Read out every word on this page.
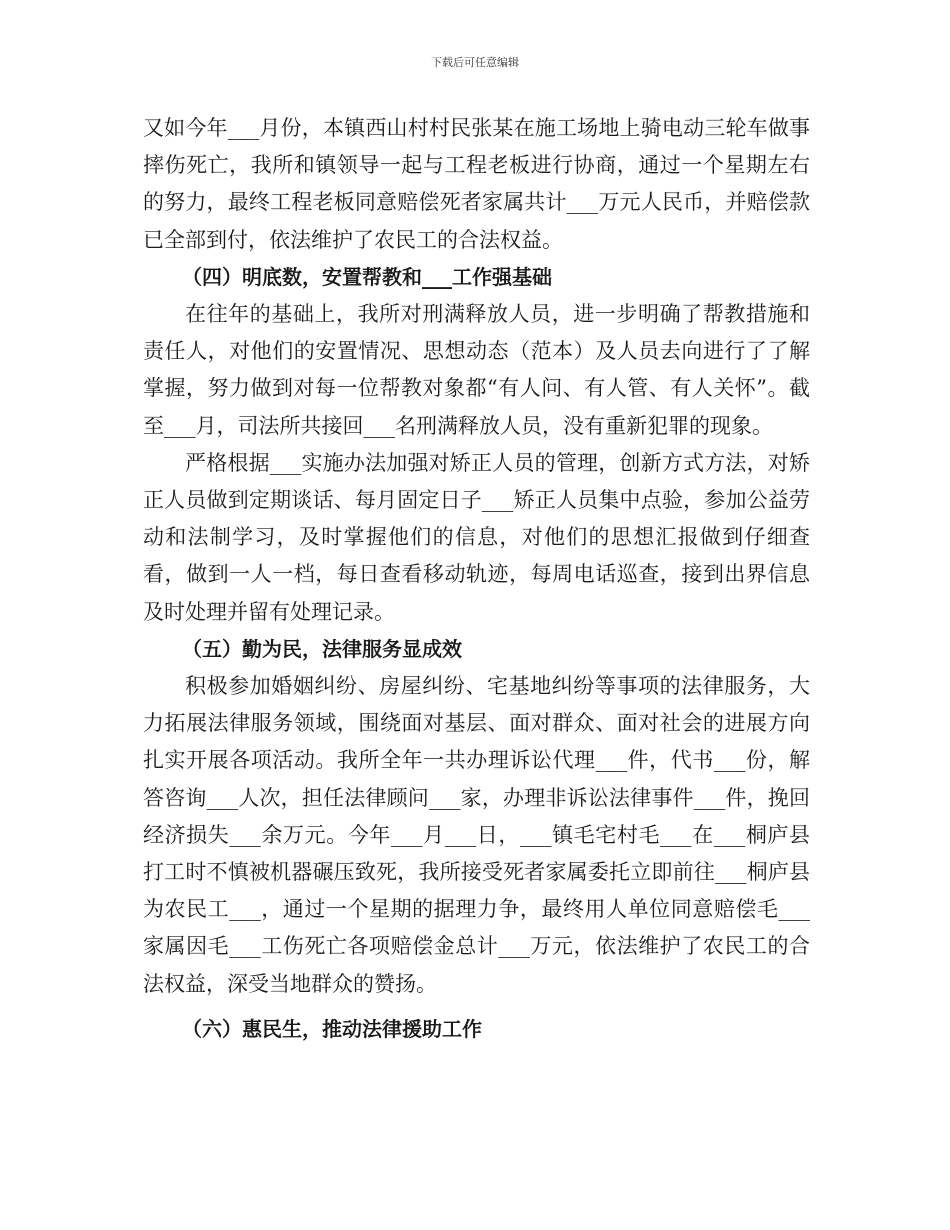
下载后可任意编辑

又如今年___月份，本镇西山村村民张某在施工场地上骑电动三轮车做事摔伤死亡，我所和镇领导一起与工程老板进行协商，通过一个星期左右的努力，最终工程老板同意赔偿死者家属共计___万元人民币，并赔偿款已全部到付，依法维护了农民工的合法权益。

（四）明底数，安置帮教和___工作强基础

在往年的基础上，我所对刑满释放人员，进一步明确了帮教措施和责任人，对他们的安置情况、思想动态（范本）及人员去向进行了了解掌握，努力做到对每一位帮教对象都“有人问、有人管、有人关怀”。截至___月，司法所共接回___名刑满释放人员，没有重新犯罪的现象。

严格根据___实施办法加强对矫正人员的管理，创新方式方法，对矫正人员做到定期谈话、每月固定日子___矫正人员集中点验，参加公益劳动和法制学习，及时掌握他们的信息，对他们的思想汇报做到仔细查看，做到一人一档，每日查看移动轨迹，每周电话巡查，接到出界信息及时处理并留有处理记录。

（五）勤为民，法律服务显成效

积极参加婚姻纠纷、房屋纠纷、宅基地纠纷等事项的法律服务，大力拓展法律服务领域，围绕面对基层、面对群众、面对社会的进展方向扎实开展各项活动。我所全年一共办理诉讼代理___件，代书___份，解答咨询___人次，担任法律顾问___家，办理非诉讼法律事件___件，挽回经济损失___余万元。今年___月___日，___镇毛宅村毛___在___桐庐县打工时不慎被机器碾压致死，我所接受死者家属委托立即前往___桐庐县为农民工___，通过一个星期的据理力争，最终用人单位同意赔偿毛___家属因毛___工伤死亡各项赔偿金总计___万元，依法维护了农民工的合法权益，深受当地群众的赞扬。

（六）惠民生，推动法律援助工作
